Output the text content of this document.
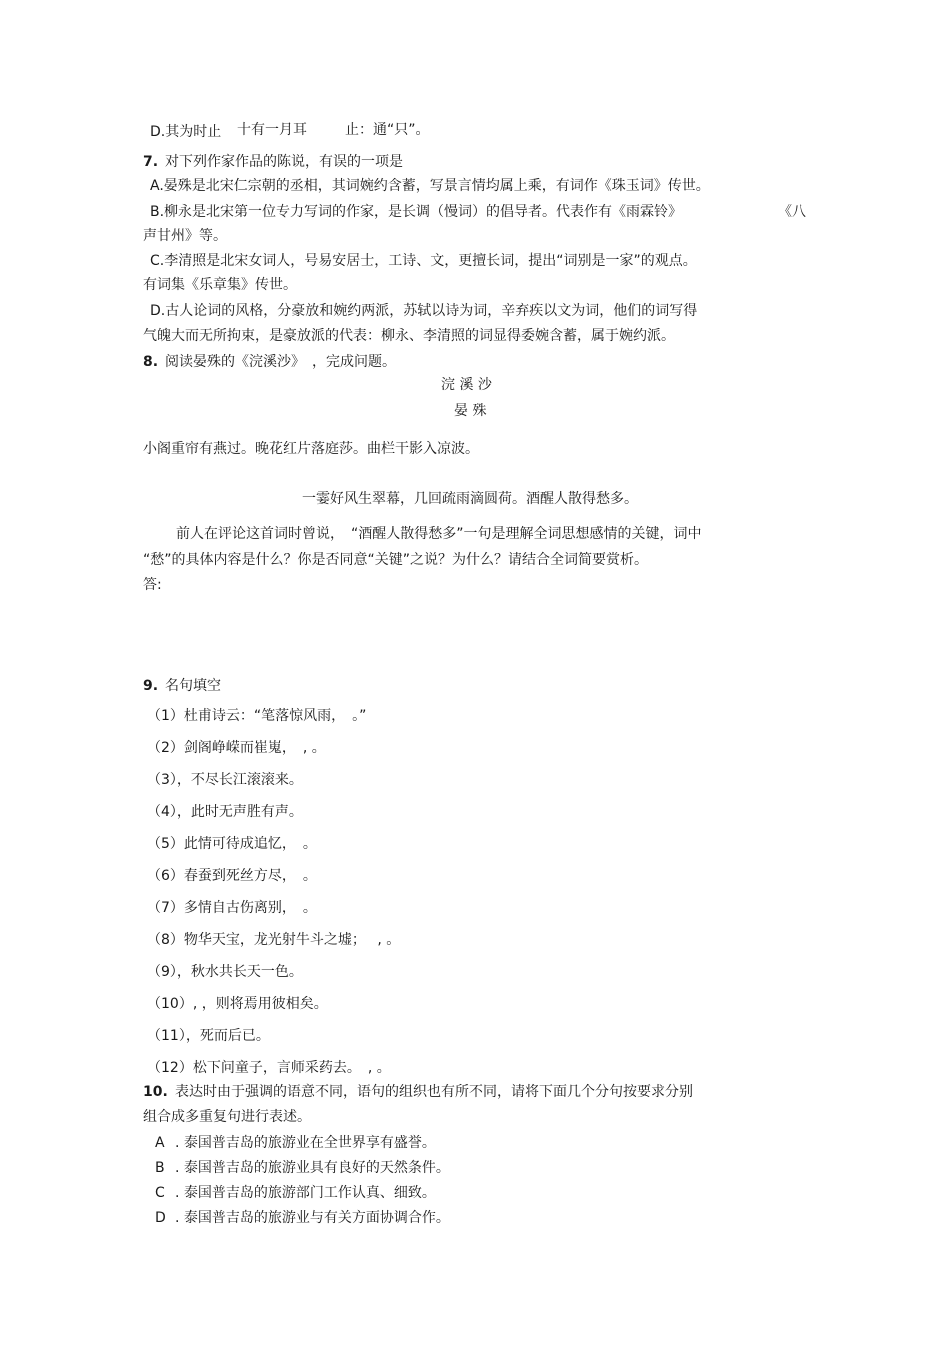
D.其为时止 十有一月耳	止：通“只”。
7. 对下列作家作品的陈说，有误的一项是
A.晏殊是北宋仁宗朝的丞相，其词婉约含蓄，写景言情均属上乘，有词作《珠玉词》传世。
B.柳永是北宋第一位专力写词的作家，是长调（慢词）的倡导者。代表作有《雨霖铃》	《八
声甘州》等。
C.李清照是北宋女词人，号易安居士，工诗、文，更擅长词，提出“词别是一家”的观点。
有词集《乐章集》传世。
D.古人论词的风格，分豪放和婉约两派，苏轼以诗为词，辛弃疾以文为词，他们的词写得
气魄大而无所拘束，是豪放派的代表：柳永、李清照的词显得委婉含蓄，属于婉约派。
8. 阅读晏殊的《浣溪沙》　，完成问题。
浣 溪 沙
晏 殊
小阁重帘有燕过。晚花红片落庭莎。曲栏干影入凉波。
一霎好风生翠幕，几回疏雨滴圆荷。酒醒人散得愁多。
前人在评论这首词时曾说，　“酒醒人散得愁多”一句是理解全词思想感情的关键，词中
“愁”的具体内容是什么？你是否同意“关键”之说？为什么？请结合全词简要赏析。
答:
9. 名句填空
（1）杜甫诗云：“笔落惊风雨，　。”
（2）剑阁峥嵘而崔嵬，　, 。
（3），不尽长江滚滚来。
（4），此时无声胜有声。
（5）此情可待成追忆，　。
（6）春蚕到死丝方尽，　。
（7）多情自古伤离别，　。
（8）物华天宝，龙光射牛斗之墟；　 , 。
（9），秋水共长天一色。
（10）, ，则将焉用彼相矣。
（11），死而后已。
（12）松下问童子，言师采药去。　, 。
10. 表达时由于强调的语意不同，语句的组织也有所不同，请将下面几个分句按要求分别
组合成多重复句进行表述。
A . 泰国普吉岛的旅游业在全世界享有盛誉。
B . 泰国普吉岛的旅游业具有良好的天然条件。
C . 泰国普吉岛的旅游部门工作认真、细致。
D . 泰国普吉岛的旅游业与有关方面协调合作。
